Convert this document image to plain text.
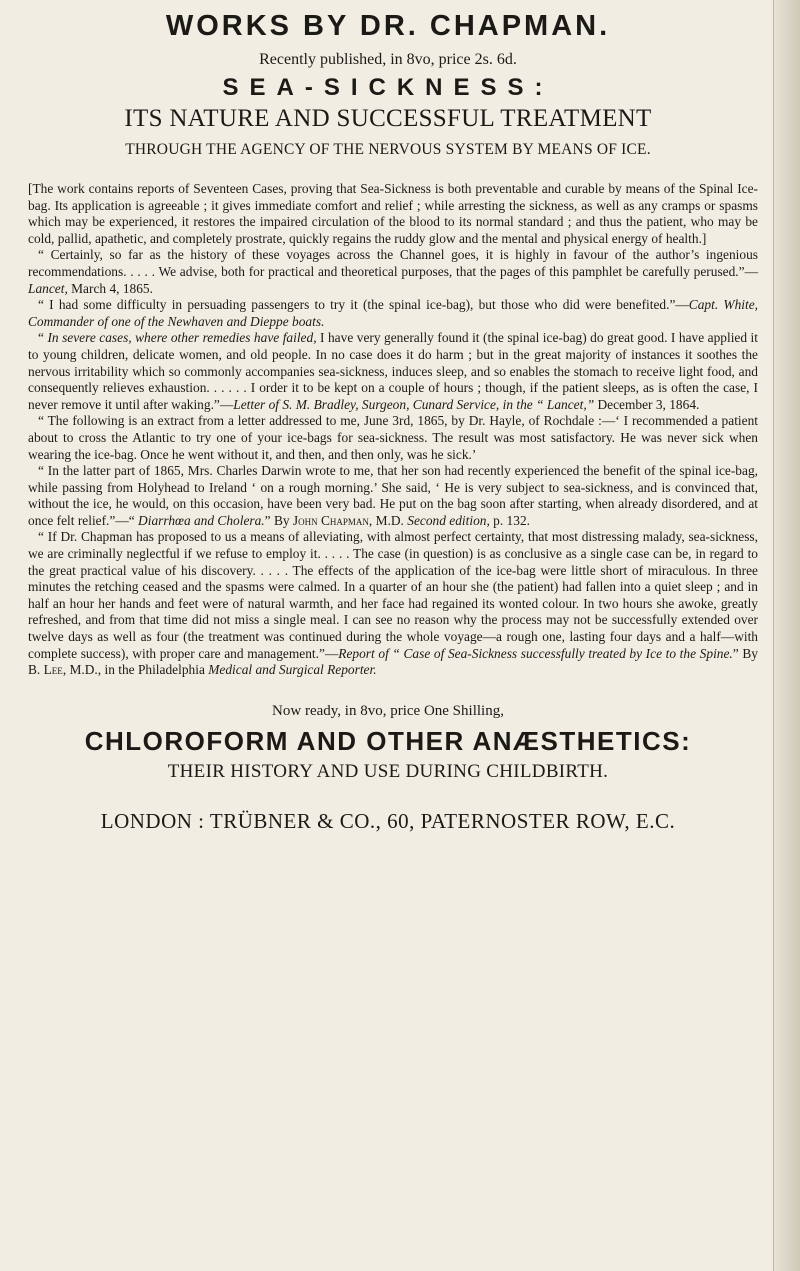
WORKS BY DR. CHAPMAN.
Recently published, in 8vo, price 2s. 6d.
SEA-SICKNESS:
ITS NATURE AND SUCCESSFUL TREATMENT
THROUGH THE AGENCY OF THE NERVOUS SYSTEM BY MEANS OF ICE.

[The work contains reports of Seventeen Cases, proving that Sea-Sickness is both preventable and curable by means of the Spinal Ice-bag. Its application is agreeable ; it gives immediate comfort and relief ; while arresting the sickness, as well as any cramps or spasms which may be experienced, it restores the impaired circulation of the blood to its normal standard ; and thus the patient, who may be cold, pallid, apathetic, and completely prostrate, quickly regains the ruddy glow and the mental and physical energy of health.]

“ Certainly, so far as the history of these voyages across the Channel goes, it is highly in favour of the author’s ingenious recommendations. . . . . We advise, both for practical and theoretical purposes, that the pages of this pamphlet be carefully perused.”—Lancet, March 4, 1865.

“ I had some difficulty in persuading passengers to try it (the spinal ice-bag), but those who did were benefited.”—Capt. White, Commander of one of the Newhaven and Dieppe boats.

“ In severe cases, where other remedies have failed, I have very generally found it (the spinal ice-bag) do great good. I have applied it to young children, delicate women, and old people. In no case does it do harm ; but in the great majority of instances it soothes the nervous irritability which so commonly accompanies sea-sickness, induces sleep, and so enables the stomach to receive light food, and consequently relieves exhaustion. . . . . . I order it to be kept on a couple of hours ; though, if the patient sleeps, as is often the case, I never remove it until after waking.”—Letter of S. M. Bradley, Surgeon, Cunard Service, in the “ Lancet,” December 3, 1864.

“ The following is an extract from a letter addressed to me, June 3rd, 1865, by Dr. Hayle, of Rochdale :—‘ I recommended a patient about to cross the Atlantic to try one of your ice-bags for sea-sickness. The result was most satisfactory. He was never sick when wearing the ice-bag. Once he went without it, and then, and then only, was he sick.’

“ In the latter part of 1865, Mrs. Charles Darwin wrote to me, that her son had recently experienced the benefit of the spinal ice-bag, while passing from Holyhead to Ireland ‘ on a rough morning.’ She said, ‘ He is very subject to sea-sickness, and is convinced that, without the ice, he would, on this occasion, have been very bad. He put on the bag soon after starting, when already disordered, and at once felt relief.”—“ Diarrhœa and Cholera.” By John Chapman, M.D. Second edition, p. 132.

“ If Dr. Chapman has proposed to us a means of alleviating, with almost perfect certainty, that most distressing malady, sea-sickness, we are criminally neglectful if we refuse to employ it. . . . . The case (in question) is as conclusive as a single case can be, in regard to the great practical value of his discovery. . . . . The effects of the application of the ice-bag were little short of miraculous. In three minutes the retching ceased and the spasms were calmed. In a quarter of an hour she (the patient) had fallen into a quiet sleep ; and in half an hour her hands and feet were of natural warmth, and her face had regained its wonted colour. In two hours she awoke, greatly refreshed, and from that time did not miss a single meal. I can see no reason why the process may not be successfully extended over twelve days as well as four (the treatment was continued during the whole voyage—a rough one, lasting four days and a half—with complete success), with proper care and management.”—Report of “ Case of Sea-Sickness successfully treated by Ice to the Spine.” By B. Lee, M.D., in the Philadelphia Medical and Surgical Reporter.

Now ready, in 8vo, price One Shilling,
CHLOROFORM AND OTHER ANÆSTHETICS:
THEIR HISTORY AND USE DURING CHILDBIRTH.
LONDON : TRÜBNER & CO., 60, PATERNOSTER ROW, E.C.
